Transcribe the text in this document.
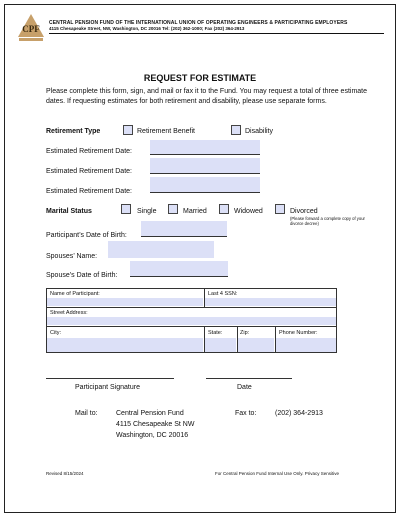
CPF
CENTRAL PENSION FUND OF THE INTERNATIONAL UNION OF OPERATING ENGINEERS & PARTICIPATING EMPLOYERS
4115 Chesapeake Street, NW, Washington, DC 20016 Tel: (202) 362-1000; Fax (202) 364-2913
REQUEST FOR ESTIMATE
Please complete this form, sign, and mail or fax it to the Fund. You may request a total of three estimate dates. If requesting estimates for both retirement and disability, please use separate forms.
Retirement Type	Retirement Benefit	Disability
Estimated Retirement Date:
Estimated Retirement Date:
Estimated Retirement Date:
Marital Status	Single	Married	Widowed	Divorced
(Please forward a complete copy of your divorce decree)
Participant’s Date of Birth:
Spouses’ Name:
Spouse’s Date of Birth:
Name of Participant:	Last 4 SSN:
Street Address:
City:	State:	Zip:	Phone Number:
Participant Signature	Date
Mail to:	Central Pension Fund
4115 Chesapeake St NW
Washington, DC 20016
Fax to:	(202) 364-2913
Revised 8/15/2024	For Central Pension Fund Internal Use Only. Privacy Sensitive
